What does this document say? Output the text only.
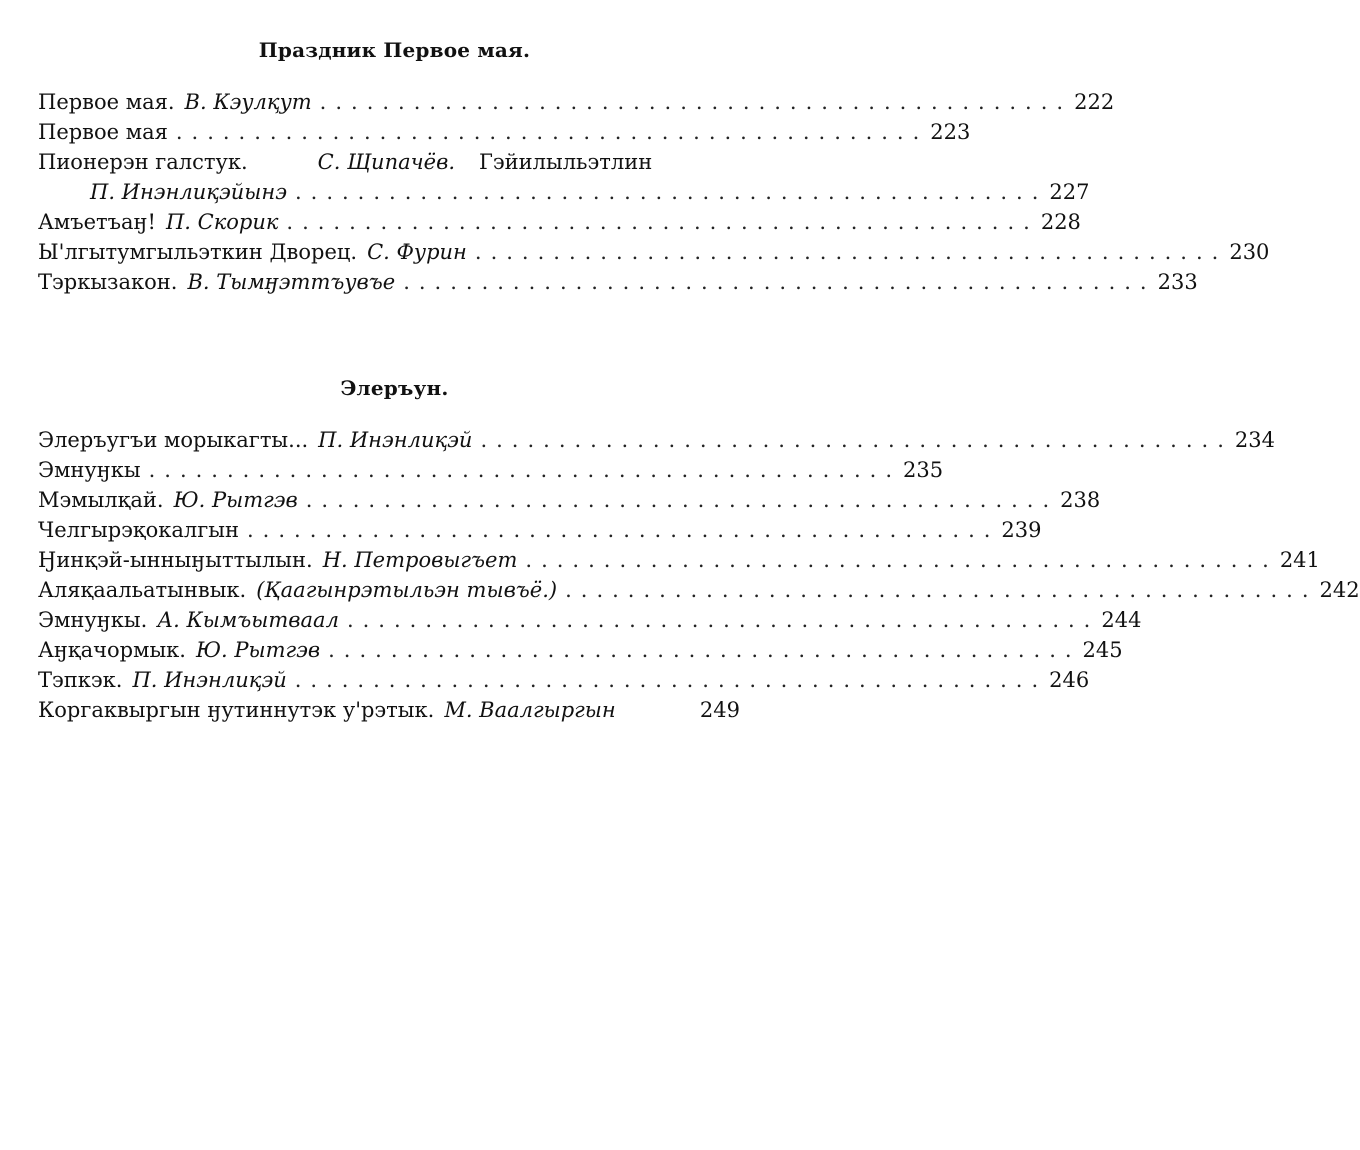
Праздник Первое мая.
Первое мая. В. Кэулқут ................................................ 222
Первое мая ................................................ 223
Пионерэн галстук.	С. Щипачёв. Гэйилыльэтлин
П. Инэнлиқэйынэ ................................................ 227
Амъетъаӈ! П. Скорик ................................................ 228
Ы'лгытумгыльэткин Дворец. С. Фурин ................................................ 230
Тэркызакон. В. Тымӈэттъувъе ................................................ 233
Элеръун.
Элеръугъи морыкагты... П. Инэнлиқэй ................................................ 234
Эмнуӈкы ................................................ 235
Мэмылқай. Ю. Рытгэв ................................................ 238
Челгырэқокалгын ................................................ 239
Ӈинқэй-ынныӈыттылын. Н. Петровыгъет ................................................ 241
Аляқаальатынвык. (Қаагынрэтыльэн тывъё.) ................................................ 242
Эмнуӈкы. А. Кымъытваал ................................................ 244
Аӈқачормык. Ю. Рытгэв ................................................ 245
Тэпкэк. П. Инэнлиқэй ................................................ 246
Коргаквыргын ӈутиннутэк у'рэтык. М. Ваалгыргын	249
